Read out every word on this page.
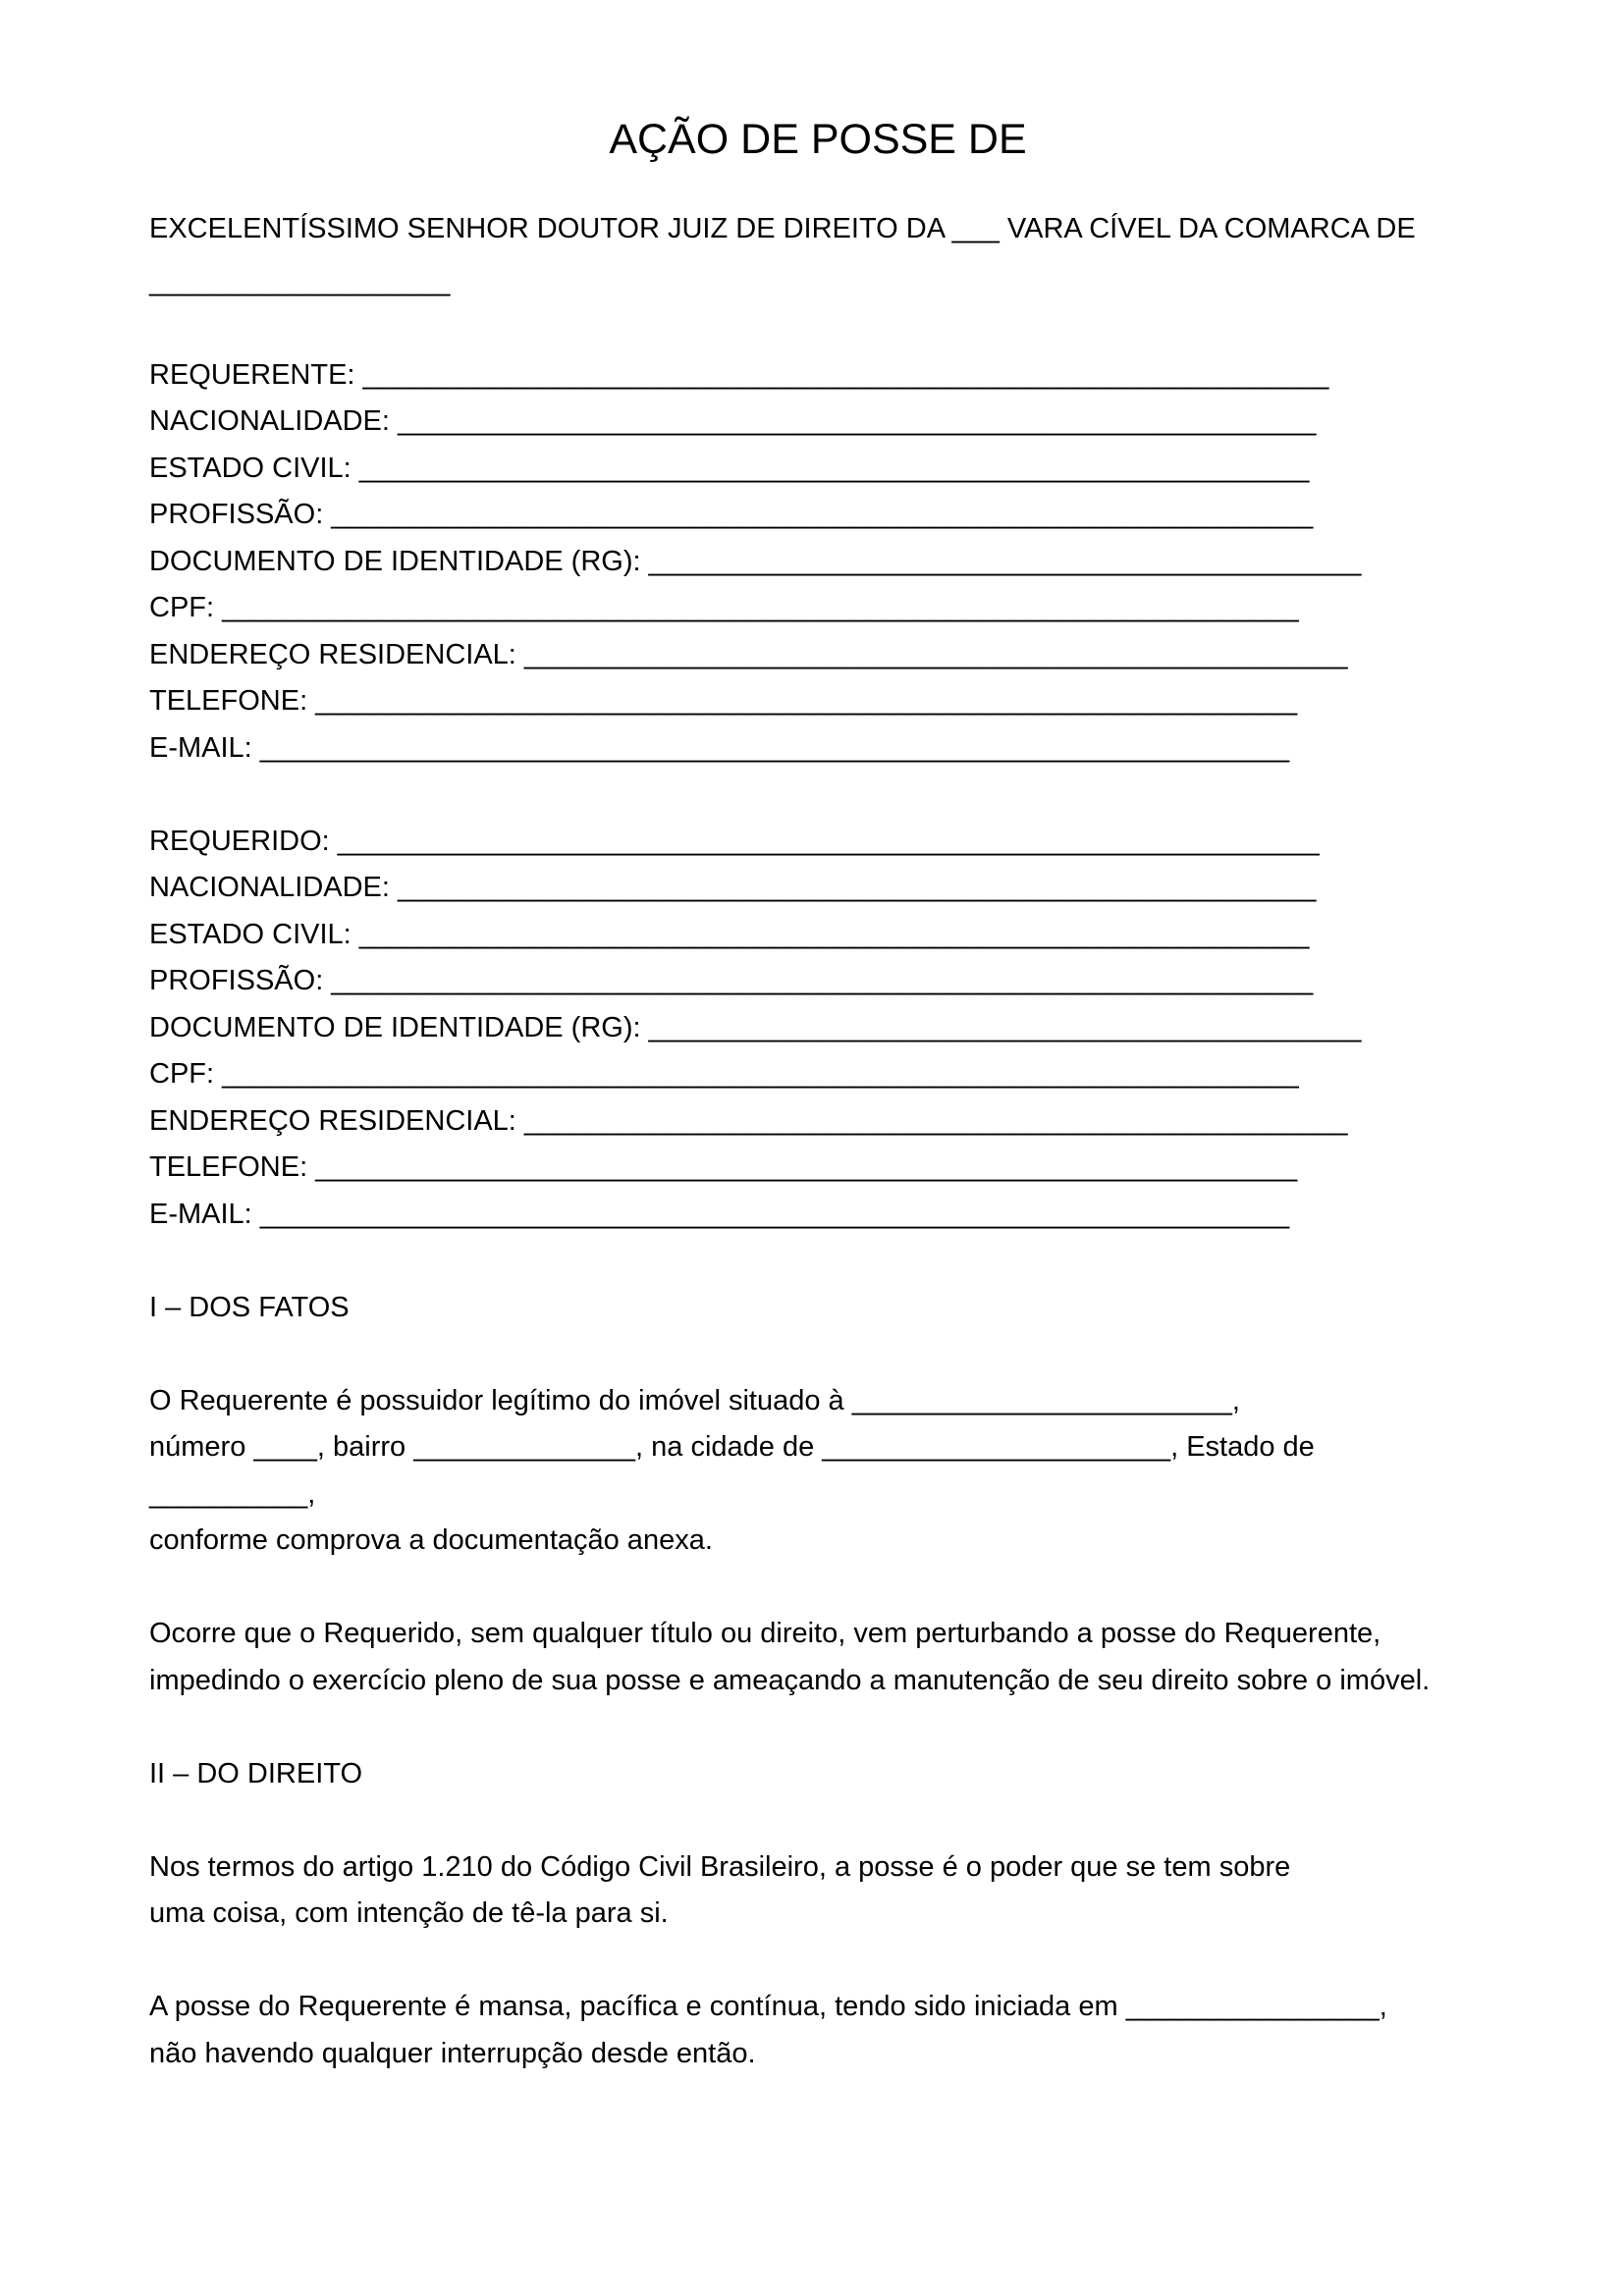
AÇÃO DE POSSE DE
EXCELENTÍSSIMO SENHOR DOUTOR JUIZ DE DIREITO DA ___ VARA CÍVEL DA COMARCA DE
___________________
REQUERENTE: _____________________________________________________________
NACIONALIDADE: __________________________________________________________
ESTADO CIVIL: ____________________________________________________________
PROFISSÃO: ______________________________________________________________
DOCUMENTO DE IDENTIDADE (RG): _____________________________________________
CPF: ____________________________________________________________________
ENDEREÇO RESIDENCIAL: ____________________________________________________
TELEFONE: ______________________________________________________________
E-MAIL: _________________________________________________________________
REQUERIDO: ______________________________________________________________
NACIONALIDADE: __________________________________________________________
ESTADO CIVIL: ____________________________________________________________
PROFISSÃO: ______________________________________________________________
DOCUMENTO DE IDENTIDADE (RG): _____________________________________________
CPF: ____________________________________________________________________
ENDEREÇO RESIDENCIAL: ____________________________________________________
TELEFONE: ______________________________________________________________
E-MAIL: _________________________________________________________________
I – DOS FATOS
O Requerente é possuidor legítimo do imóvel situado à ________________________,
número ____, bairro ______________, na cidade de ______________________, Estado de
__________,
conforme comprova a documentação anexa.
Ocorre que o Requerido, sem qualquer título ou direito, vem perturbando a posse do Requerente,
impedindo o exercício pleno de sua posse e ameaçando a manutenção de seu direito sobre o imóvel.
II – DO DIREITO
Nos termos do artigo 1.210 do Código Civil Brasileiro, a posse é o poder que se tem sobre
uma coisa, com intenção de tê-la para si.
A posse do Requerente é mansa, pacífica e contínua, tendo sido iniciada em ________________,
não havendo qualquer interrupção desde então.
